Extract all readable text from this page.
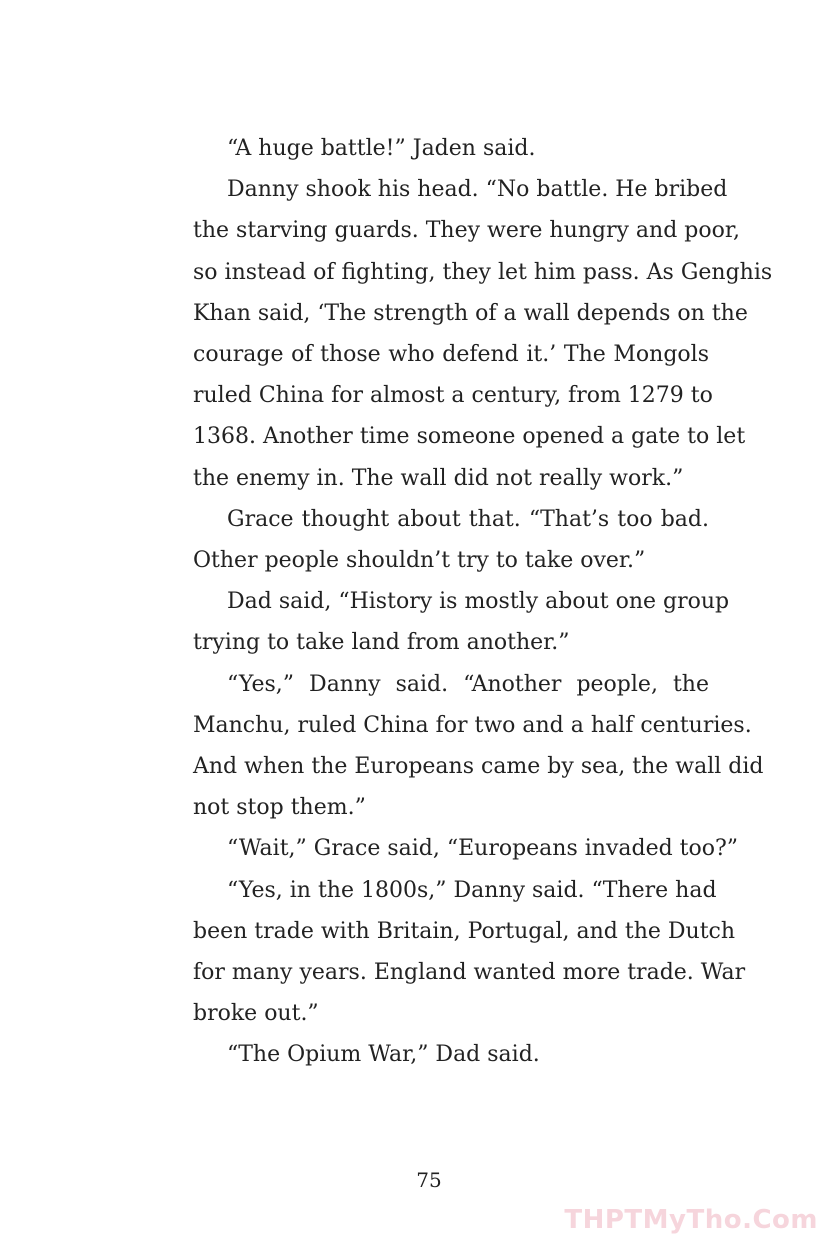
“A huge battle!” Jaden said.
Danny shook his head. “No battle. He bribed
the starving guards. They were hungry and poor,
so instead of fighting, they let him pass. As Genghis
Khan said, ‘The strength of a wall depends on the
courage of those who defend it.’ The Mongols
ruled China for almost a century, from 1279 to
1368. Another time someone opened a gate to let
the enemy in. The wall did not really work.”
Grace thought about that. “That’s too bad.
Other people shouldn’t try to take over.”
Dad said, “History is mostly about one group
trying to take land from another.”
“Yes,” Danny said. “Another people, the
Manchu, ruled China for two and a half centuries.
And when the Europeans came by sea, the wall did
not stop them.”
“Wait,” Grace said, “Europeans invaded too?”
“Yes, in the 1800s,” Danny said. “There had
been trade with Britain, Portugal, and the Dutch
for many years. England wanted more trade. War
broke out.”
“The Opium War,” Dad said.
75
THPTMyTho.Com
